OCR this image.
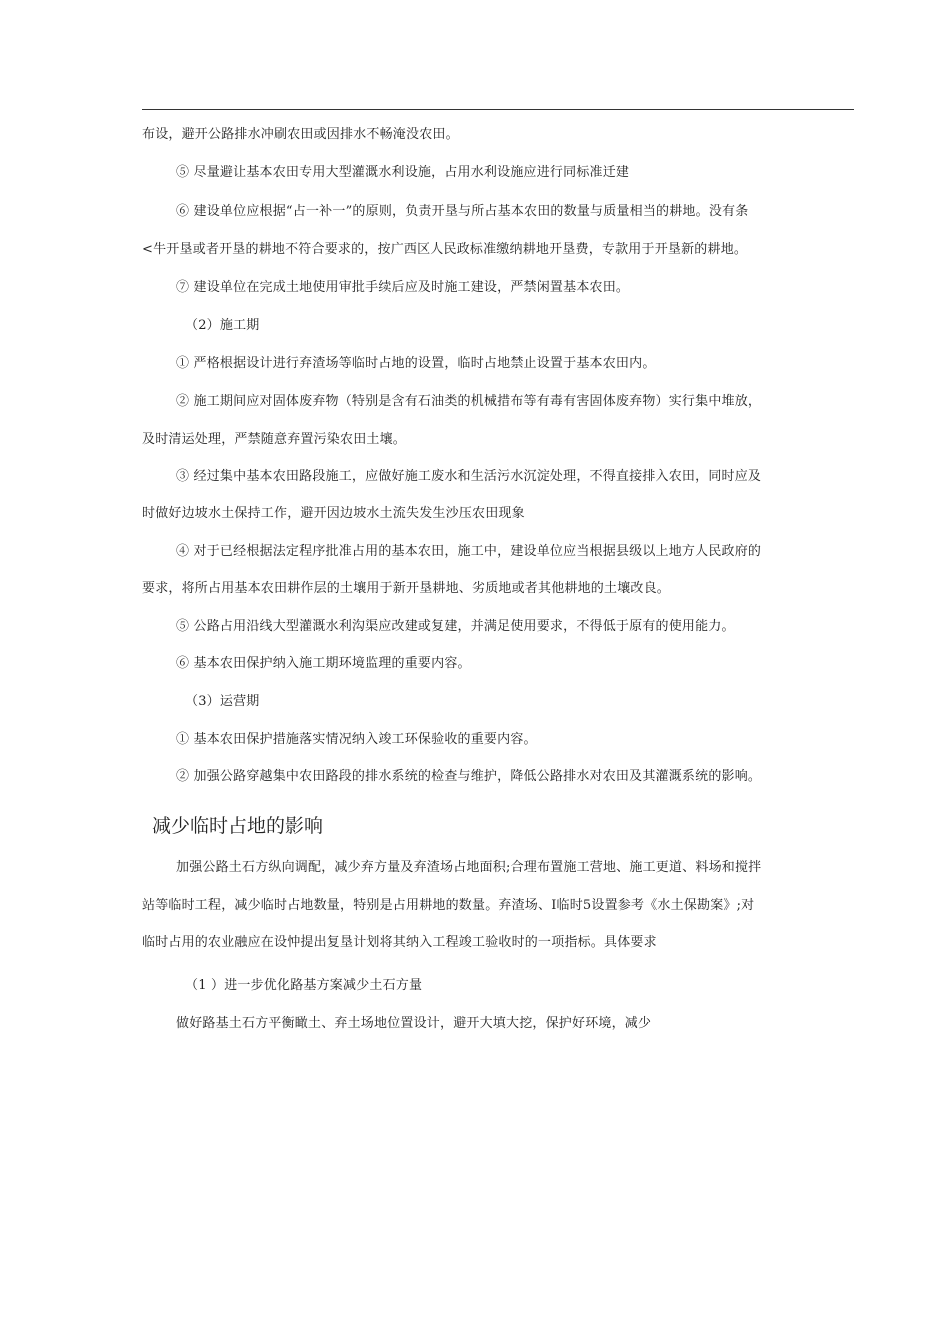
布设，避开公路排水冲刷农田或因排水不畅淹没农田。
⑤ 尽量避让基本农田专用大型灌溉水利设施，占用水利设施应进行同标准迁建
⑥ 建设单位应根据“占一补一”的原则，负责开垦与所占基本农田的数量与质量相当的耕地。没有条
<牛开垦或者开垦的耕地不符合要求的，按广西区人民政标准缴纳耕地开垦费，专款用于开垦新的耕地。
⑦ 建设单位在完成土地使用审批手续后应及时施工建设，严禁闲置基本农田。
（2）施工期
① 严格根据设计进行弃渣场等临时占地的设置，临时占地禁止设置于基本农田内。
② 施工期间应对固体废弃物（特别是含有石油类的机械措布等有毒有害固体废弃物）实行集中堆放，
及时清运处理，严禁随意弃置污染农田土壤。
③ 经过集中基本农田路段施工，应做好施工废水和生活污水沉淀处理，不得直接排入农田，同时应及
时做好边坡水土保持工作，避开因边坡水土流失发生沙压农田现象
④ 对于已经根据法定程序批准占用的基本农田，施工中，建设单位应当根据县级以上地方人民政府的
要求，将所占用基本农田耕作层的土壤用于新开垦耕地、劣质地或者其他耕地的土壤改良。
⑤ 公路占用沿线大型灌溉水利沟渠应改建或复建，并满足使用要求，不得低于原有的使用能力。
⑥ 基本农田保护纳入施工期环境监理的重要内容。
（3）运营期
① 基本农田保护措施落实情况纳入竣工环保验收的重要内容。
② 加强公路穿越集中农田路段的排水系统的检查与维护，降低公路排水对农田及其灌溉系统的影响。
减少临时占地的影响
加强公路土石方纵向调配，减少弃方量及弃渣场占地面积;合理布置施工营地、施工更道、料场和搅拌
站等临时工程，减少临时占地数量，特别是占用耕地的数量。弃渣场、Ⅰ临时5设置参考《水土保勘案》;对
临时占用的农业融应在设忡提出复垦计划将其纳入工程竣工验收时的一项指标。具体要求
（1 ）进一步优化路基方案减少土石方量
做好路基土石方平衡瞰土、弃土场地位置设计，避开大填大挖，保护好环境，减少
